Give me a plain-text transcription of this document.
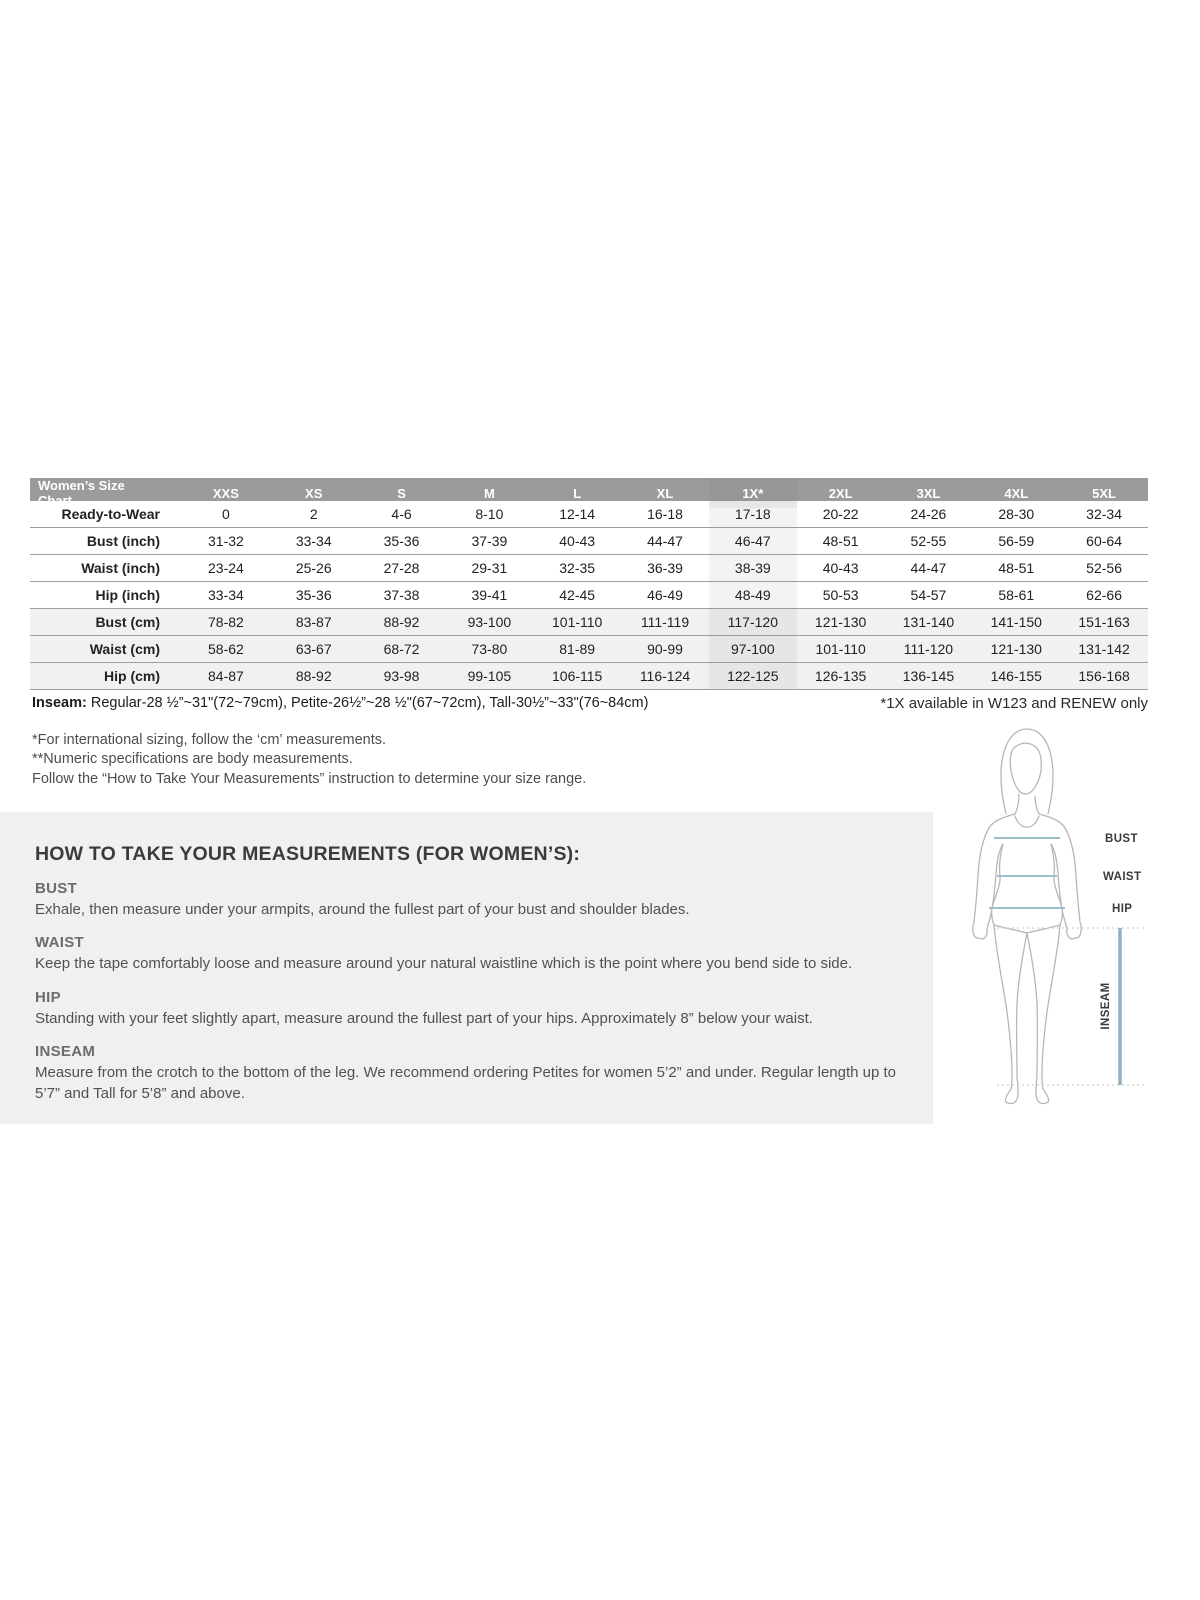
Women’s Size Chart	XXS	XS	S	M	L	XL	1X*	2XL	3XL	4XL	5XL
Ready-to-Wear	0	2	4-6	8-10	12-14	16-18	17-18	20-22	24-26	28-30	32-34
Bust (inch)	31-32	33-34	35-36	37-39	40-43	44-47	46-47	48-51	52-55	56-59	60-64
Waist (inch)	23-24	25-26	27-28	29-31	32-35	36-39	38-39	40-43	44-47	48-51	52-56
Hip (inch)	33-34	35-36	37-38	39-41	42-45	46-49	48-49	50-53	54-57	58-61	62-66
Bust (cm)	78-82	83-87	88-92	93-100	101-110	111-119	117-120	121-130	131-140	141-150	151-163
Waist (cm)	58-62	63-67	68-72	73-80	81-89	90-99	97-100	101-110	111-120	121-130	131-142
Hip (cm)	84-87	88-92	93-98	99-105	106-115	116-124	122-125	126-135	136-145	146-155	156-168
Inseam: Regular-28 ½”~31"(72~79cm), Petite-26½”~28 ½"(67~72cm), Tall-30½”~33"(76~84cm)	*1X available in W123 and RENEW only
*For international sizing, follow the ‘cm’ measurements.
**Numeric specifications are body measurements.
Follow the “How to Take Your Measurements” instruction to determine your size range.
HOW TO TAKE YOUR MEASUREMENTS (FOR WOMEN’S):
BUST

Exhale, then measure under your armpits, around the fullest part of your bust and shoulder blades.

WAIST

Keep the tape comfortably loose and measure around your natural waistline which is the point where you bend side to side.

HIP

Standing with your feet slightly apart, measure around the fullest part of your hips. Approximately 8” below your waist.

INSEAM

Measure from the crotch to the bottom of the leg. We recommend ordering Petites for women 5’2” and under. Regular length up to 5’7” and Tall for 5’8” and above.

BUST
WAIST
HIP
INSEAM
